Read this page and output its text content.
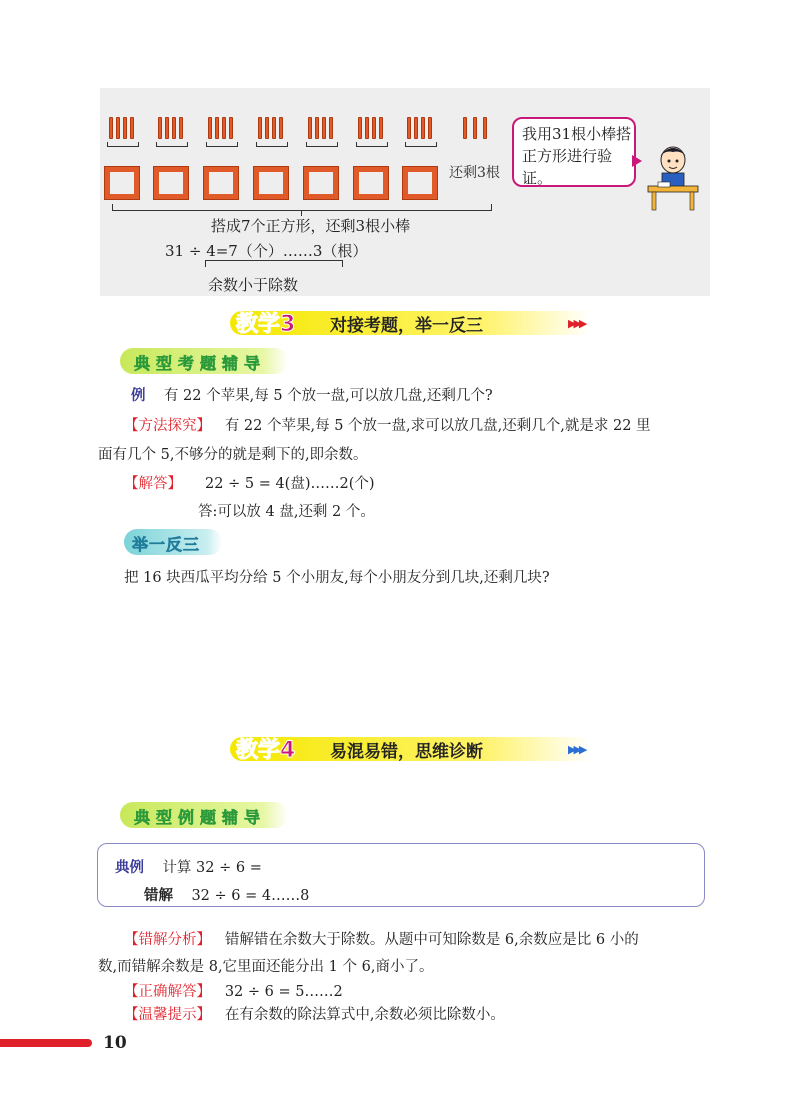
还剩3根
我用31根小棒搭正方形进行验证。
搭成7个正方形，还剩3根小棒
31 ÷ 4=7（个）……3（根）
余数小于除数
教学3 对接考题，举一反三	▶▶▶
典型考题辅导
例 有 22 个苹果,每 5 个放一盘,可以放几盘,还剩几个?
【方法探究】 有 22 个苹果,每 5 个放一盘,求可以放几盘,还剩几个,就是求 22 里
面有几个 5,不够分的就是剩下的,即余数。
【解答】 22 ÷ 5 = 4(盘)……2(个)
答:可以放 4 盘,还剩 2 个。
举一反三
把 16 块西瓜平均分给 5 个小朋友,每个小朋友分到几块,还剩几块?
教学4 易混易错，思维诊断	▶▶▶
典型例题辅导
典例 计算 32 ÷ 6 =
错解 32 ÷ 6 = 4……8
【错解分析】 错解错在余数大于除数。从题中可知除数是 6,余数应是比 6 小的
数,而错解余数是 8,它里面还能分出 1 个 6,商小了。
【正确解答】 32 ÷ 6 = 5……2
【温馨提示】 在有余数的除法算式中,余数必须比除数小。
10
